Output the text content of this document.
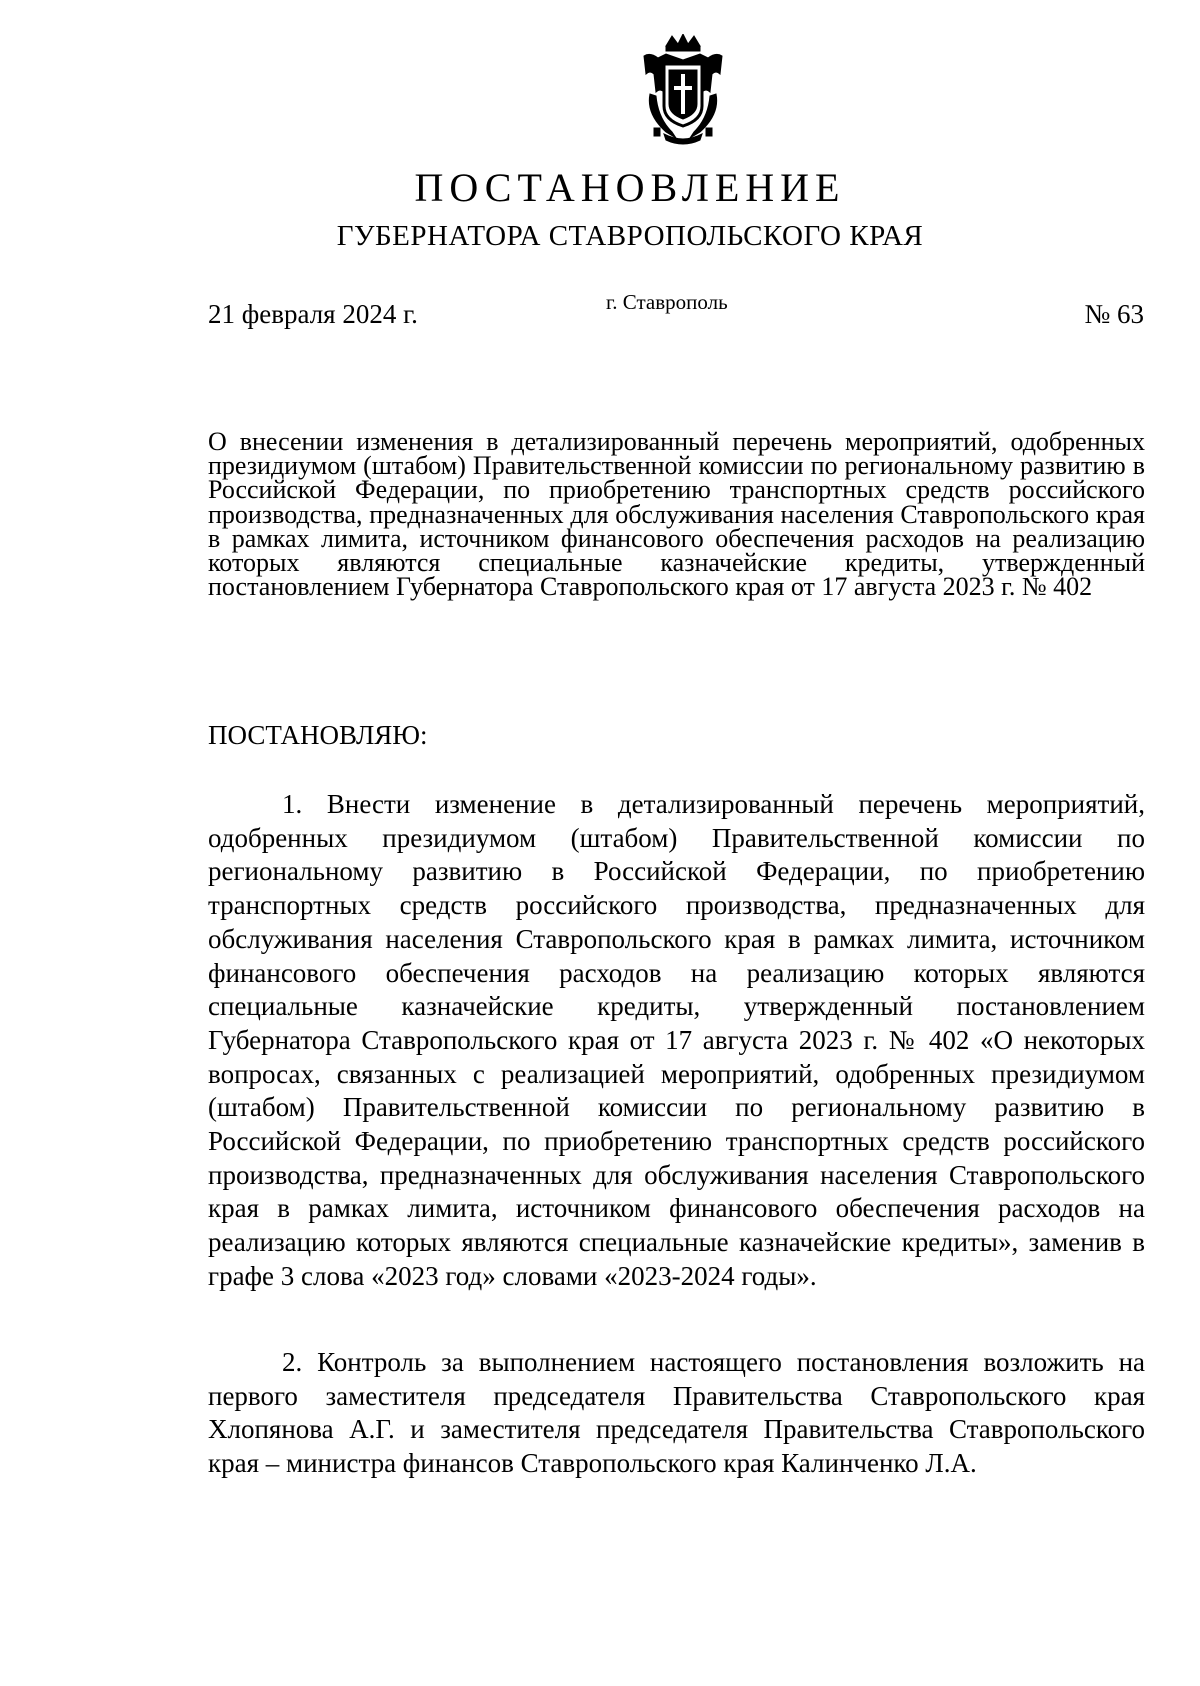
ПОСТАНОВЛЕНИЕ
ГУБЕРНАТОРА СТАВРОПОЛЬСКОГО КРАЯ
21 февраля 2024 г.	г. Ставрополь	№ 63
О внесении изменения в детализированный перечень мероприятий, одобренных президиумом (штабом) Правительственной комиссии по региональному развитию в Российской Федерации, по приобретению транспортных средств российского производства, предназначенных для обслуживания населения Ставропольского края в рамках лимита, источником финансового обеспечения расходов на реализацию которых являются специальные казначейские кредиты, утвержденный постановлением Губернатора Ставропольского края от 17 августа 2023 г. № 402
ПОСТАНОВЛЯЮ:
1. Внести изменение в детализированный перечень мероприятий, одобренных президиумом (штабом) Правительственной комиссии по региональному развитию в Российской Федерации, по приобретению транспортных средств российского производства, предназначенных для обслуживания населения Ставропольского края в рамках лимита, источником финансового обеспечения расходов на реализацию которых являются специальные казначейские кредиты, утвержденный постановлением Губернатора Ставропольского края от 17 августа 2023 г. № 402 «О некоторых вопросах, связанных с реализацией мероприятий, одобренных президиумом (штабом) Правительственной комиссии по региональному развитию в Российской Федерации, по приобретению транспортных средств российского производства, предназначенных для обслуживания населения Ставропольского края в рамках лимита, источником финансового обеспечения расходов на реализацию которых являются специальные казначейские кредиты», заменив в графе 3 слова «2023 год» словами «2023-2024 годы».
2. Контроль за выполнением настоящего постановления возложить на первого заместителя председателя Правительства Ставропольского края Хлопянова А.Г. и заместителя председателя Правительства Ставропольского края – министра финансов Ставропольского края Калинченко Л.А.
